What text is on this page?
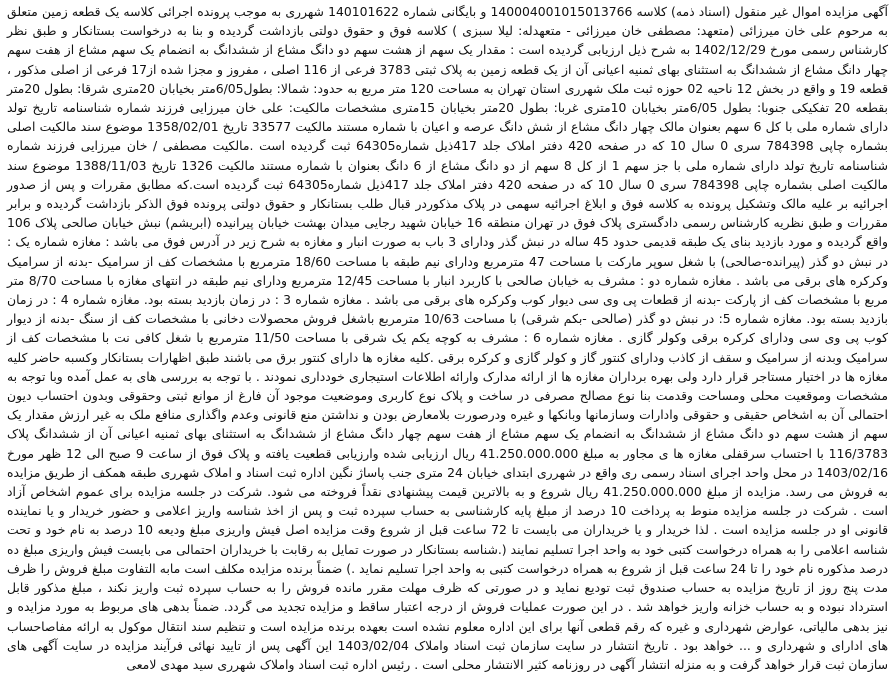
آگهی مزایده اموال غیر منقول (اسناد ذمه) کلاسه 140004001015013766 و بایگانی شماره 140101622 شهرری به موجب پرونده اجرائی کلاسه یک قطعه زمین متعلق به مرحوم علی خان میرزائی (متعهد: مصطفی خان میرزائی - متعهدله: لیلا سبزی ) کلاسه فوق و حقوق دولتی بازداشت گردیده و بنا به درخواست بستانکار و طبق نظر کارشناس رسمی مورخ 1402/12/29 به شرح ذیل ارزیابی گردیده است : مقدار یک سهم از هشت سهم دو دانگ مشاع از ششدانگ به انضمام یک سهم مشاع از هفت سهم چهار دانگ مشاع از ششدانگ به استثنای بهای ثمنیه اعیانی آن از یک قطعه زمین به پلاک ثبتی 3783 فرعی از 116 اصلی ، مفروز و مجزا شده از17 فرعی از اصلی مذکور ، قطعه 19 و واقع در بخش 12 ناحیه 02 حوزه ثبت ملک شهرری استان تهران به مساحت 120 متر مربع به حدود: شمالا: بطول6/05متر بخیابان 20متری شرقا: بطول 20متر بقطعه 20 تفکیکی جنوبا: بطول 6/05متر بخیابان 10متری غربا: بطول 20متر بخیابان 15متری مشخصات مالکیت: علی خان میرزایی فرزند شماره شناسنامه تاریخ تولد دارای شماره ملی با کل 6 سهم بعنوان مالک چهار دانگ مشاع از شش دانگ عرصه و اعیان با شماره مستند مالکیت 33577 تاریخ 1358/02/01 موضوع سند مالکیت اصلی بشماره چاپی 784398 سری 0 سال 10 که در صفحه 420 دفتر املاک جلد 417ذیل شماره64305 ثبت گردیده است .مالکیت مصطفی / خان میرزایی فرزند شماره شناسنامه تاریخ تولد دارای شماره ملی با جز سهم 1 از کل 8 سهم از دو دانگ مشاع از 6 دانگ بعنوان با شماره مستند مالکیت 1326 تاریخ 1388/11/03 موضوع سند مالکیت اصلی بشماره چاپی 784398 سری 0 سال 10 که در صفحه 420 دفتر املاک جلد 417ذیل شماره64305 ثبت گردیده است.که مطابق مقررات و پس از صدور اجرائیه بر علیه مالک وتشکیل پرونده به کلاسه فوق و ابلاغ اجرائیه سهمی در پلاک مذکوردر قبال طلب بستانکار و حقوق دولتی پرونده فوق الذکر بازداشت گردیده و برابر مقررات و طبق نظریه کارشناس رسمی دادگستری پلاک فوق در تهران منطقه 16 خیابان شهید رجایی میدان بهشت خیابان پیرانیده (ابریشم) نبش خیابان صالحی پلاک 106 واقع گردیده و مورد بازدید بنای یک طبقه قدیمی حدود 45 ساله در نبش گذر ودارای 3 باب به صورت انبار و مغازه به شرح زیر در آدرس فوق می باشد : مغازه شماره یک : در نبش دو گذر (پیرانده-صالحی) با شغل سوپر مارکت با مساحت 47 مترمربع ودارای نیم طبقه با مساحت 18/60 مترمربع با مشخصات کف از سرامیک -بدنه از سرامیک وکرکره های برقی می باشد . مغازه شماره دو : مشرف به خیابان صالحی با کاربرد انبار با مساحت 12/45 مترمربع ودارای نیم طبقه در انتهای مغازه با مساحت 8/70 متر مربع با مشخصات کف از پارکت -بدنه از قطعات پی وی سی دیوار کوب وکرکره های برقی می باشد . مغازه شماره 3 : در زمان بازدید بسته بود. مغازه شماره 4 : در زمان بازدید بسته بود. مغازه شماره 5: در نبش دو گذر (صالحی -بکم شرقی) با مساحت 10/63 مترمربع باشغل فروش محصولات دخانی با مشخصات کف از سنگ -بدنه از دیوار کوب پی وی سی ودارای کرکره برقی وکولر گازی . مغازه شماره 6 : مشرف به کوچه یکم یک شرقی با مساحت 11/50 مترمربع با شغل کافی نت با مشخصات کف از سرامیک وبدنه از سرامیک و سقف از کاذب ودارای کنتور گاز و کولر گازی و کرکره برقی .کلیه مغازه ها دارای کنتور برق می باشند طبق اظهارات بستانکار وکسبه حاضر کلیه مغازه ها در اختیار مستاجر قرار دارد ولی بهره برداران مغازه ها از ارائه مدارک وارائه اطلاعات استیجاری خودداری نمودند . با توجه به بررسی های به عمل آمده وبا توجه به مشخصات وموقعیت محلی ومساحت وقدمت بنا نوع مصالح مصرفی در ساخت و پلاک نوع کاربری وموضعیت موجود آن فارغ از موانع ثبتی وحقوقی وبدون احتساب دیون احتمالی آن به اشخاص حقیقی و حقوقی وادارات وسازمانها وبانکها و غیره ودرصورت بلامعارض بودن و نداشتن منع قانونی وعدم واگذاری منافع ملک به غیر ارزش مقدار یک سهم از هشت سهم دو دانگ مشاع از ششدانگ به انضمام یک سهم مشاع از هفت سهم چهار دانگ مشاع از ششدانگ به استثنای بهای ثمنیه اعیانی آن از ششدانگ پلاک 116/3783 با احتساب سرقفلی مغازه ها ی مجاور به مبلغ 41.250.000.000 ریال ارزیابی شده وارزیابی قطعیت یافته و پلاک فوق از ساعت 9 صبح الی 12 ظهر مورخ 1403/02/16 در محل واحد اجرای اسناد رسمی ری واقع در شهرری ابتدای خیابان 24 متری جنب پاساژ نگین اداره ثبت اسناد و املاک شهرری طبقه همکف از طریق مزایده به فروش می رسد. مزایده از مبلغ 41.250.000.000 ریال شروع و به بالاترین قیمت پیشنهادی نقداً فروخته می شود. شرکت در جلسه مزایده برای عموم اشخاص آزاد است . شرکت در جلسه مزایده منوط به پرداخت 10 درصد از مبلغ پایه کارشناسی به حساب سپرده ثبت و پس از اخذ شناسه واریز اعلامی و حضور خریدار و یا نماینده قانونی او در جلسه مزایده است . لذا خریدار و یا خریداران می بایست تا 72 ساعت قبل از شروع وقت مزایده اصل فیش واریزی مبلغ ودیعه 10 درصد به نام خود و تحت شناسه اعلامی را به همراه درخواست کتبی خود به واحد اجرا تسلیم نمایند (.شناسه بستانکار در صورت تمایل به رقابت با خریداران احتمالی می بایست فیش واریزی مبلغ ده درصد مذکوره نام خود را تا 24 ساعت قبل از شروع به همراه درخواست کتبی به واحد اجرا تسلیم نماید .) ضمناً برنده مزایده مکلف است مابه التفاوت مبلغ فروش را ظرف مدت پنج روز از تاریخ مزایده به حساب صندوق ثبت تودیع نماید و در صورتی که ظرف مهلت مقرر مانده فروش را به حساب سپرده ثبت واریز نکند ، مبلغ مذکور قابل استرداد نبوده و به حساب خزانه واریز خواهد شد . در این صورت عملیات فروش از درجه اعتبار ساقط و مزایده تجدید می گردد. ضمناً بدهی های مربوط به مورد مزایده و نیز بدهی مالیاتی، عوارض شهرداری و غیره که رقم قطعی آنها برای این اداره معلوم نشده است بعهده برنده مزایده است و تنظیم سند انتقال موکول به ارائه مفاصاحساب های ادارای و شهرداری و ... خواهد بود . تاریخ انتشار در سایت سازمان ثبت اسناد واملاک 1403/02/04 این آگهی پس از تایید نهائی فرآیند مزایده در سایت آگهی های سازمان ثبت قرار خواهد گرفت و به منزله انتشار آگهی در روزنامه کثیر الانتشار محلی است . رئیس اداره ثبت اسناد واملاک شهرری سید مهدی لامعی
